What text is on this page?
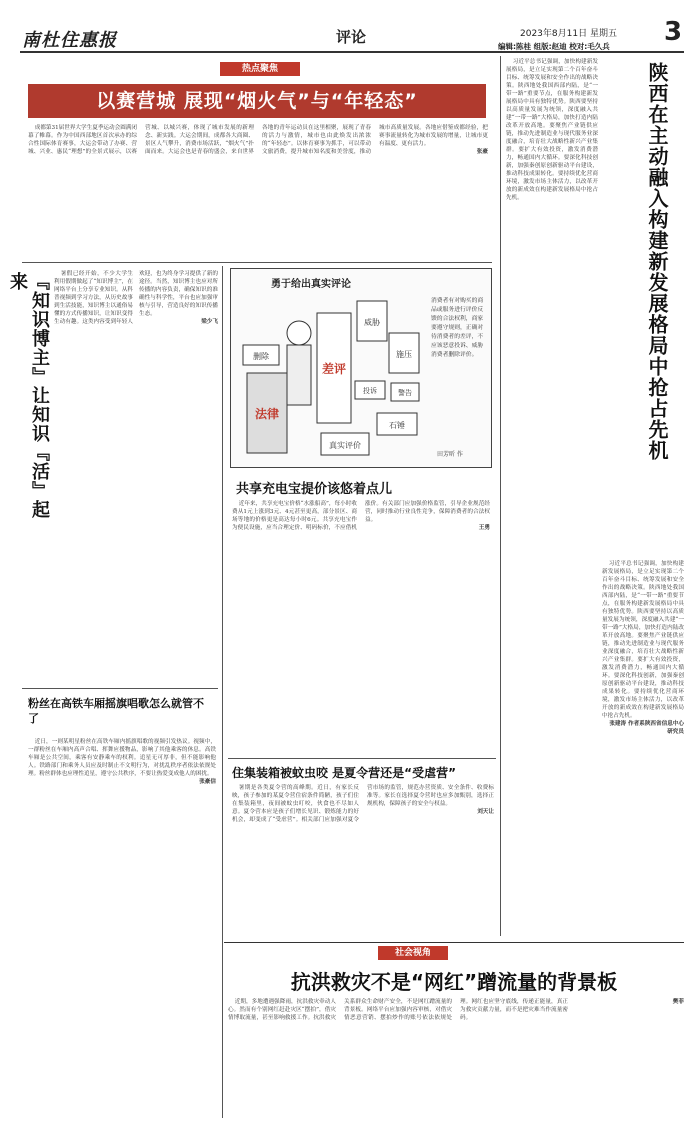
南杜住惠报	评论	2023年8月11日 星期五 3
编辑:陈桂 组版:赵迪 校对:毛久兵
热点聚焦
以赛营城 展现“烟火气”与“年轻态”

成都第31届世界大学生夏季运动会圆满闭幕了帷幕。作为中国西部地区首次承办的综合性国际体育赛事，大运会带动了办赛、营城、兴业、惠民“理想”的全景式展示，以赛营城、以城兴赛，体现了城市发展的新理念、新实践。大运会期间，成都各大商圈、景区人气攀升，消费市场活跃，“烟火气”扑面而来。大运会也是青春的盛会，来自世界各地的青年运动员在这里相聚，展现了青春的活力与激情，城市也由此焕发出浓浓的“年轻态”。以体育赛事为抓手，可以带动文旅消费，提升城市知名度和美誉度，推动城市高质量发展。各地应借鉴成都经验，把赛事流量转化为城市发展的增量，让城市更有温度、更有活力。

张豪

『知识博主』让知识『活』起来	暑假已经开始，不少大学生利用假期做起了“知识博主”，在网络平台上分享专业知识。从科普视频到学习方法，从历史故事到生活技能，知识博主以通俗易懂的方式传播知识，让知识变得生动有趣。这类内容受到年轻人欢迎，也为终身学习提供了新的途径。当然，知识博主也应对所传播的内容负责，确保知识的准确性与科学性，平台也应加强审核与引导，营造良好的知识传播生态。

梁少飞

粉丝在高铁车厢摇旗唱歌怎么就管不了

近日，一则某明星粉丝在高铁车厢内摇旗唱歌的视频引发热议。视频中，一群粉丝在车厢内高声合唱、挥舞应援物品，影响了其他乘客的休息。高铁车厢是公共空间，乘客有安静乘车的权利。追星无可厚非，但不能影响他人。铁路部门和乘务人员应及时制止不文明行为，对扰乱秩序者依法依规处理。粉丝群体也应理性追星，遵守公共秩序，不要让热爱变成他人的困扰。

张豪信

勇于给出真实评论
法律
差评
威胁
施压
删除
石锤
真实评价
投诉	警告
消费者有对购买的商品或服务进行评价反馈的合法权利，商家要遵守规则，正确对待消费者的差评，不应该恶意投诉、威胁消费者删除评价。
田芳昕 作
共享充电宝提价该悠着点儿

近年来，共享充电宝价格“水涨船高”，每小时收费从1元上涨到3元、4元甚至更高，部分景区、商场等地的价格更是高达每小时6元。共享充电宝作为便民设施，应当合理定价、明码标价，不应借机涨价。有关部门应加强价格监管，引导企业规范经营，同时推动行业良性竞争，保障消费者的合法权益。

王勇

住集装箱被蚊虫咬 是夏令营还是“受虐营”

暑期是各类夏令营的高峰期。近日，有家长反映，孩子参加的某夏令营住宿条件简陋，孩子们住在集装箱里，夜间被蚊虫叮咬，伙食也不尽如人意。夏令营本应是孩子们增长见识、锻炼能力的好机会，却变成了“受虐营”。相关部门应加强对夏令营市场的监管，规范办营资质、安全条件、收费标准等。家长在选择夏令营时也应多加甄别，选择正规机构，保障孩子的安全与权益。

刘天让

习近平总书记强调，加快构建新发展格局，是立足实现第二个百年奋斗目标、统筹发展和安全作出的战略决策。陕西地处我国西部内陆，是“一带一路”重要节点，在服务构建新发展格局中具有独特优势。陕西要坚持以高质量发展为统领，深度融入共建“一带一路”大格局，加快打造内陆改革开放高地。要聚焦产业链供应链，推动先进制造业与现代服务业深度融合，培育壮大战略性新兴产业集群。要扩大有效投资，激发消费潜力，畅通国内大循环。要深化科技创新，加强秦创原创新驱动平台建设，推动科技成果转化。要持续优化营商环境，激发市场主体活力，以改革开放的新成效在构建新发展格局中抢占先机。	陕西在主动融入构建新发展格局中抢占先机

习近平总书记强调，加快构建新发展格局，是立足实现第二个百年奋斗目标、统筹发展和安全作出的战略决策。陕西地处我国西部内陆，是“一带一路”重要节点，在服务构建新发展格局中具有独特优势。陕西要坚持以高质量发展为统领，深度融入共建“一带一路”大格局，加快打造内陆改革开放高地。要聚焦产业链供应链，推动先进制造业与现代服务业深度融合，培育壮大战略性新兴产业集群。要扩大有效投资，激发消费潜力，畅通国内大循环。要深化科技创新，加强秦创原创新驱动平台建设，推动科技成果转化。要持续优化营商环境，激发市场主体活力，以改革开放的新成效在构建新发展格局中抢占先机。

张建涛 作者系陕西省信息中心研究员

社会视角
抗洪救灾不是“网红”蹭流量的背景板

近期，多地遭遇强降雨，抗洪救灾牵动人心。然而有个别网红赶赴灾区“摆拍”，借灾情博取流量，甚至影响救援工作。抗洪救灾关系群众生命财产安全，不是网红蹭流量的背景板。网络平台应加强内容审核，对借灾情恶意营销、摆拍炒作的账号依法依规处理。网红也应坚守底线，传递正能量，真正为救灾贡献力量，而不是把灾难当作流量密码。

樊菲
